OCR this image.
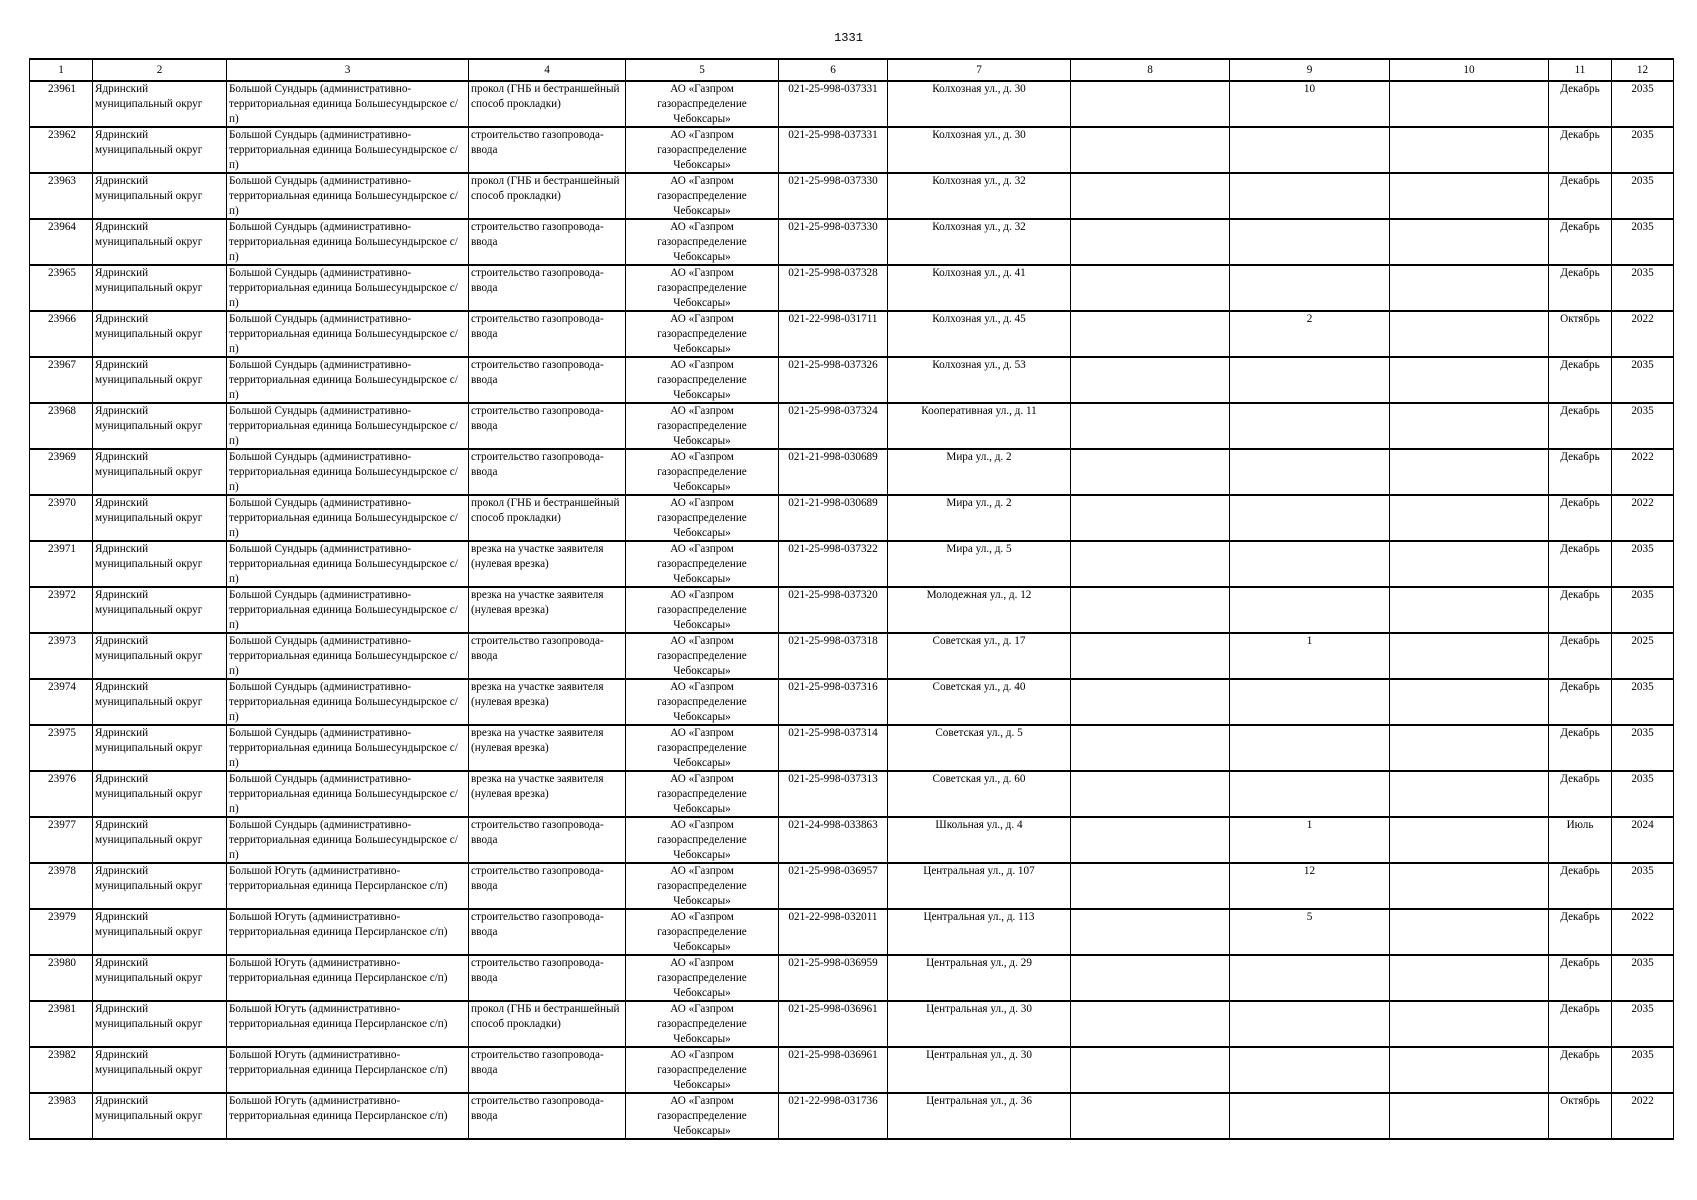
1331
1	2	3	4	5	6	7	8	9	10	11	12

23961	Ядринский муниципальный округ	Большой Сундырь (административно-территориальная единица Большесундырское с/п)	прокол (ГНБ и бестраншейный способ прокладки)	АО «Газпром газораспределение Чебоксары»	021-25-998-037331	Колхозная ул., д. 30		10		Декабрь	2035

23962	Ядринский муниципальный округ	Большой Сундырь (административно-территориальная единица Большесундырское с/п)	строительство газопровода-ввода	АО «Газпром газораспределение Чебоксары»	021-25-998-037331	Колхозная ул., д. 30				Декабрь	2035

23963	Ядринский муниципальный округ	Большой Сундырь (административно-территориальная единица Большесундырское с/п)	прокол (ГНБ и бестраншейный способ прокладки)	АО «Газпром газораспределение Чебоксары»	021-25-998-037330	Колхозная ул., д. 32				Декабрь	2035

23964	Ядринский муниципальный округ	Большой Сундырь (административно-территориальная единица Большесундырское с/п)	строительство газопровода-ввода	АО «Газпром газораспределение Чебоксары»	021-25-998-037330	Колхозная ул., д. 32				Декабрь	2035

23965	Ядринский муниципальный округ	Большой Сундырь (административно-территориальная единица Большесундырское с/п)	строительство газопровода-ввода	АО «Газпром газораспределение Чебоксары»	021-25-998-037328	Колхозная ул., д. 41				Декабрь	2035

23966	Ядринский муниципальный округ	Большой Сундырь (административно-территориальная единица Большесундырское с/п)	строительство газопровода-ввода	АО «Газпром газораспределение Чебоксары»	021-22-998-031711	Колхозная ул., д. 45		2		Октябрь	2022

23967	Ядринский муниципальный округ	Большой Сундырь (административно-территориальная единица Большесундырское с/п)	строительство газопровода-ввода	АО «Газпром газораспределение Чебоксары»	021-25-998-037326	Колхозная ул., д. 53				Декабрь	2035

23968	Ядринский муниципальный округ	Большой Сундырь (административно-территориальная единица Большесундырское с/п)	строительство газопровода-ввода	АО «Газпром газораспределение Чебоксары»	021-25-998-037324	Кооперативная ул., д. 11				Декабрь	2035

23969	Ядринский муниципальный округ	Большой Сундырь (административно-территориальная единица Большесундырское с/п)	строительство газопровода-ввода	АО «Газпром газораспределение Чебоксары»	021-21-998-030689	Мира ул., д. 2				Декабрь	2022

23970	Ядринский муниципальный округ	Большой Сундырь (административно-территориальная единица Большесундырское с/п)	прокол (ГНБ и бестраншейный способ прокладки)	АО «Газпром газораспределение Чебоксары»	021-21-998-030689	Мира ул., д. 2				Декабрь	2022

23971	Ядринский муниципальный округ	Большой Сундырь (административно-территориальная единица Большесундырское с/п)	врезка на участке заявителя (нулевая врезка)	АО «Газпром газораспределение Чебоксары»	021-25-998-037322	Мира ул., д. 5				Декабрь	2035

23972	Ядринский муниципальный округ	Большой Сундырь (административно-территориальная единица Большесундырское с/п)	врезка на участке заявителя (нулевая врезка)	АО «Газпром газораспределение Чебоксары»	021-25-998-037320	Молодежная ул., д. 12				Декабрь	2035

23973	Ядринский муниципальный округ	Большой Сундырь (административно-территориальная единица Большесундырское с/п)	строительство газопровода-ввода	АО «Газпром газораспределение Чебоксары»	021-25-998-037318	Советская ул., д. 17		1		Декабрь	2025

23974	Ядринский муниципальный округ	Большой Сундырь (административно-территориальная единица Большесундырское с/п)	врезка на участке заявителя (нулевая врезка)	АО «Газпром газораспределение Чебоксары»	021-25-998-037316	Советская ул., д. 40				Декабрь	2035

23975	Ядринский муниципальный округ	Большой Сундырь (административно-территориальная единица Большесундырское с/п)	врезка на участке заявителя (нулевая врезка)	АО «Газпром газораспределение Чебоксары»	021-25-998-037314	Советская ул., д. 5				Декабрь	2035

23976	Ядринский муниципальный округ	Большой Сундырь (административно-территориальная единица Большесундырское с/п)	врезка на участке заявителя (нулевая врезка)	АО «Газпром газораспределение Чебоксары»	021-25-998-037313	Советская ул., д. 60				Декабрь	2035

23977	Ядринский муниципальный округ	Большой Сундырь (административно-территориальная единица Большесундырское с/п)	строительство газопровода-ввода	АО «Газпром газораспределение Чебоксары»	021-24-998-033863	Школьная ул., д. 4		1		Июль	2024

23978	Ядринский муниципальный округ	Большой Югуть (административно-территориальная единица Персирланское с/п)	строительство газопровода-ввода	АО «Газпром газораспределение Чебоксары»	021-25-998-036957	Центральная ул., д. 107		12		Декабрь	2035

23979	Ядринский муниципальный округ	Большой Югуть (административно-территориальная единица Персирланское с/п)	строительство газопровода-ввода	АО «Газпром газораспределение Чебоксары»	021-22-998-032011	Центральная ул., д. 113		5		Декабрь	2022

23980	Ядринский муниципальный округ	Большой Югуть (административно-территориальная единица Персирланское с/п)	строительство газопровода-ввода	АО «Газпром газораспределение Чебоксары»	021-25-998-036959	Центральная ул., д. 29				Декабрь	2035

23981	Ядринский муниципальный округ	Большой Югуть (административно-территориальная единица Персирланское с/п)	прокол (ГНБ и бестраншейный способ прокладки)	АО «Газпром газораспределение Чебоксары»	021-25-998-036961	Центральная ул., д. 30				Декабрь	2035

23982	Ядринский муниципальный округ	Большой Югуть (административно-территориальная единица Персирланское с/п)	строительство газопровода-ввода	АО «Газпром газораспределение Чебоксары»	021-25-998-036961	Центральная ул., д. 30				Декабрь	2035

23983	Ядринский муниципальный округ	Большой Югуть (административно-территориальная единица Персирланское с/п)	строительство газопровода-ввода	АО «Газпром газораспределение Чебоксары»	021-22-998-031736	Центральная ул., д. 36				Октябрь	2022
